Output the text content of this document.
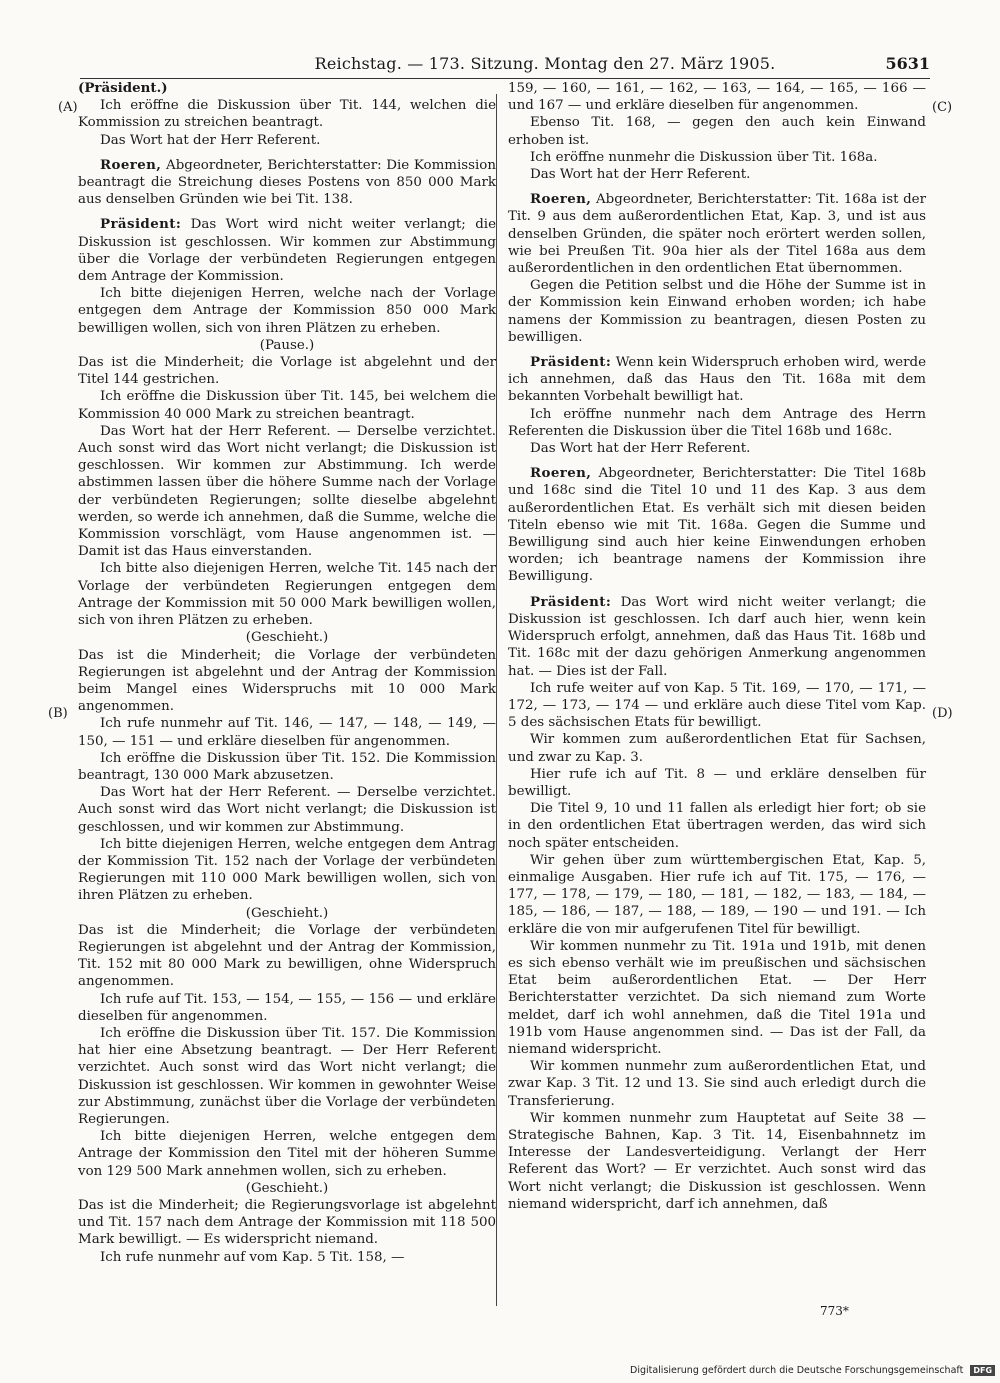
Reichstag. — 173. Sitzung. Montag den 27. März 1905.	5631

(Präsident.)

Ich eröffne die Diskussion über Tit. 144, welchen die Kommission zu streichen beantragt.

Das Wort hat der Herr Referent.

Roeren, Abgeordneter, Berichterstatter: Die Kommission beantragt die Streichung dieses Postens von 850 000 Mark aus denselben Gründen wie bei Tit. 138.

Präsident: Das Wort wird nicht weiter verlangt; die Diskussion ist geschlossen. Wir kommen zur Abstimmung über die Vorlage der verbündeten Regierungen entgegen dem Antrage der Kommission.

Ich bitte diejenigen Herren, welche nach der Vorlage entgegen dem Antrage der Kommission 850 000 Mark bewilligen wollen, sich von ihren Plätzen zu erheben.

(Pause.)

Das ist die Minderheit; die Vorlage ist abgelehnt und der Titel 144 gestrichen.

Ich eröffne die Diskussion über Tit. 145, bei welchem die Kommission 40 000 Mark zu streichen beantragt.

Das Wort hat der Herr Referent. — Derselbe verzichtet. Auch sonst wird das Wort nicht verlangt; die Diskussion ist geschlossen. Wir kommen zur Abstimmung. Ich werde abstimmen lassen über die höhere Summe nach der Vorlage der verbündeten Regierungen; sollte dieselbe abgelehnt werden, so werde ich annehmen, daß die Summe, welche die Kommission vorschlägt, vom Hause angenommen ist. — Damit ist das Haus einverstanden.

Ich bitte also diejenigen Herren, welche Tit. 145 nach der Vorlage der verbündeten Regierungen entgegen dem Antrage der Kommission mit 50 000 Mark bewilligen wollen, sich von ihren Plätzen zu erheben.

(Geschieht.)

Das ist die Minderheit; die Vorlage der verbündeten Regierungen ist abgelehnt und der Antrag der Kommission beim Mangel eines Widerspruchs mit 10 000 Mark angenommen.

Ich rufe nunmehr auf Tit. 146, — 147, — 148, — 149, — 150, — 151 — und erkläre dieselben für angenommen.

Ich eröffne die Diskussion über Tit. 152. Die Kommission beantragt, 130 000 Mark abzusetzen.

Das Wort hat der Herr Referent. — Derselbe verzichtet. Auch sonst wird das Wort nicht verlangt; die Diskussion ist geschlossen, und wir kommen zur Abstimmung.

Ich bitte diejenigen Herren, welche entgegen dem Antrag der Kommission Tit. 152 nach der Vorlage der verbündeten Regierungen mit 110 000 Mark bewilligen wollen, sich von ihren Plätzen zu erheben.

(Geschieht.)

Das ist die Minderheit; die Vorlage der verbündeten Regierungen ist abgelehnt und der Antrag der Kommission, Tit. 152 mit 80 000 Mark zu bewilligen, ohne Widerspruch angenommen.

Ich rufe auf Tit. 153, — 154, — 155, — 156 — und erkläre dieselben für angenommen.

Ich eröffne die Diskussion über Tit. 157. Die Kommission hat hier eine Absetzung beantragt. — Der Herr Referent verzichtet. Auch sonst wird das Wort nicht verlangt; die Diskussion ist geschlossen. Wir kommen in gewohnter Weise zur Abstimmung, zunächst über die Vorlage der verbündeten Regierungen.

Ich bitte diejenigen Herren, welche entgegen dem Antrage der Kommission den Titel mit der höheren Summe von 129 500 Mark annehmen wollen, sich zu erheben.

(Geschieht.)

Das ist die Minderheit; die Regierungsvorlage ist abgelehnt und Tit. 157 nach dem Antrage der Kommission mit 118 500 Mark bewilligt. — Es widerspricht niemand.

Ich rufe nunmehr auf vom Kap. 5 Tit. 158, —

159, — 160, — 161, — 162, — 163, — 164, — 165, — 166 — und 167 — und erkläre dieselben für angenommen.

Ebenso Tit. 168, — gegen den auch kein Einwand erhoben ist.

Ich eröffne nunmehr die Diskussion über Tit. 168a.

Das Wort hat der Herr Referent.

Roeren, Abgeordneter, Berichterstatter: Tit. 168a ist der Tit. 9 aus dem außerordentlichen Etat, Kap. 3, und ist aus denselben Gründen, die später noch erörtert werden sollen, wie bei Preußen Tit. 90a hier als der Titel 168a aus dem außerordentlichen in den ordentlichen Etat übernommen.

Gegen die Petition selbst und die Höhe der Summe ist in der Kommission kein Einwand erhoben worden; ich habe namens der Kommission zu beantragen, diesen Posten zu bewilligen.

Präsident: Wenn kein Widerspruch erhoben wird, werde ich annehmen, daß das Haus den Tit. 168a mit dem bekannten Vorbehalt bewilligt hat.

Ich eröffne nunmehr nach dem Antrage des Herrn Referenten die Diskussion über die Titel 168b und 168c.

Das Wort hat der Herr Referent.

Roeren, Abgeordneter, Berichterstatter: Die Titel 168b und 168c sind die Titel 10 und 11 des Kap. 3 aus dem außerordentlichen Etat. Es verhält sich mit diesen beiden Titeln ebenso wie mit Tit. 168a. Gegen die Summe und Bewilligung sind auch hier keine Einwendungen erhoben worden; ich beantrage namens der Kommission ihre Bewilligung.

Präsident: Das Wort wird nicht weiter verlangt; die Diskussion ist geschlossen. Ich darf auch hier, wenn kein Widerspruch erfolgt, annehmen, daß das Haus Tit. 168b und Tit. 168c mit der dazu gehörigen Anmerkung angenommen hat. — Dies ist der Fall.

Ich rufe weiter auf von Kap. 5 Tit. 169, — 170, — 171, — 172, — 173, — 174 — und erkläre auch diese Titel vom Kap. 5 des sächsischen Etats für bewilligt.

Wir kommen zum außerordentlichen Etat für Sachsen, und zwar zu Kap. 3.

Hier rufe ich auf Tit. 8 — und erkläre denselben für bewilligt.

Die Titel 9, 10 und 11 fallen als erledigt hier fort; ob sie in den ordentlichen Etat übertragen werden, das wird sich noch später entscheiden.

Wir gehen über zum württembergischen Etat, Kap. 5, einmalige Ausgaben. Hier rufe ich auf Tit. 175, — 176, — 177, — 178, — 179, — 180, — 181, — 182, — 183, — 184, — 185, — 186, — 187, — 188, — 189, — 190 — und 191. — Ich erkläre die von mir aufgerufenen Titel für bewilligt.

Wir kommen nunmehr zu Tit. 191a und 191b, mit denen es sich ebenso verhält wie im preußischen und sächsischen Etat beim außerordentlichen Etat. — Der Herr Berichterstatter verzichtet. Da sich niemand zum Worte meldet, darf ich wohl annehmen, daß die Titel 191a und 191b vom Hause angenommen sind. — Das ist der Fall, da niemand widerspricht.

Wir kommen nunmehr zum außerordentlichen Etat, und zwar Kap. 3 Tit. 12 und 13. Sie sind auch erledigt durch die Transferierung.

Wir kommen nunmehr zum Hauptetat auf Seite 38 — Strategische Bahnen, Kap. 3 Tit. 14, Eisenbahnnetz im Interesse der Landesverteidigung. Verlangt der Herr Referent das Wort? — Er verzichtet. Auch sonst wird das Wort nicht verlangt; die Diskussion ist geschlossen. Wenn niemand widerspricht, darf ich annehmen, daß

(A)
(B)
(C)
(D)
773*
Digitalisierung gefördert durch die Deutsche Forschungsgemeinschaft DFG
